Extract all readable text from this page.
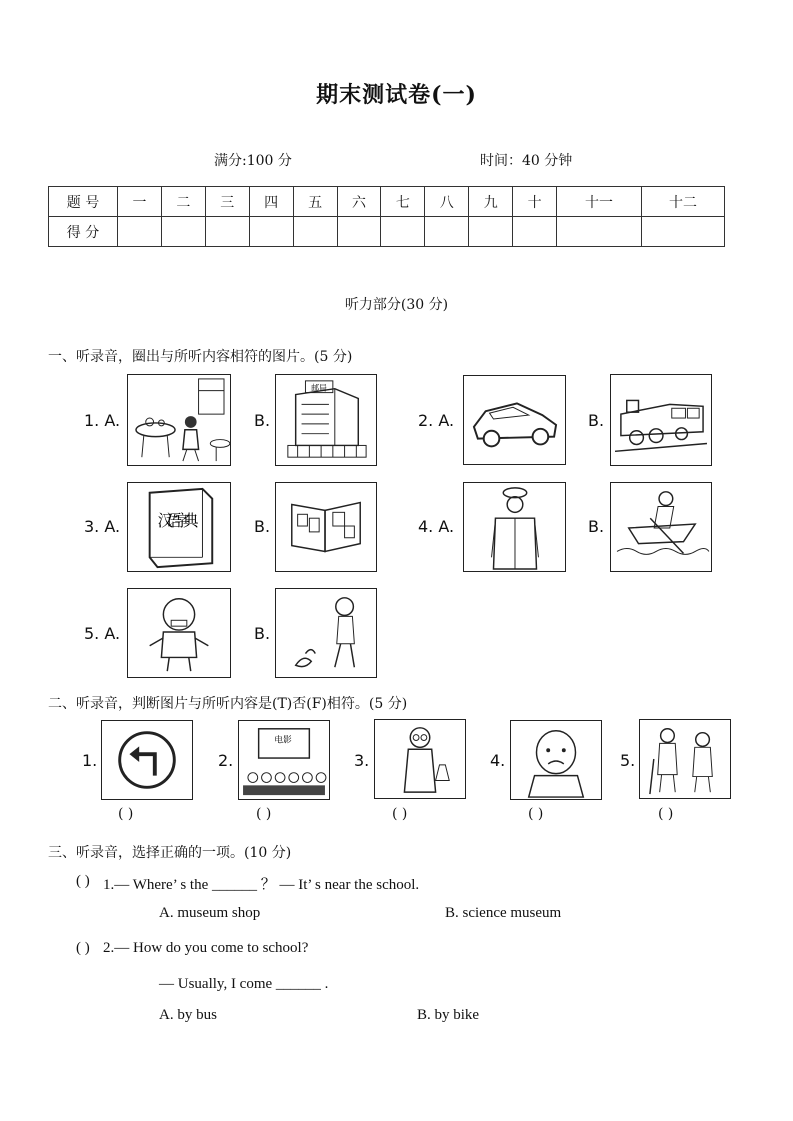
期末测试卷(一)
满分:100 分	时间：40 分钟
题 号	一	二	三	四	五	六	七	八	九	十	十一	十二
得 分												
听力部分(30 分)
一、听录音，圈出与所听内容相符的图片。(5 分)
1. A.	B.
邮局
2. A.	B.
3. A. 汉语字典	B.	4. A.	B.
5. A.	B.
二、听录音，判断图片与所听内容是(T)否(F)相符。(5 分)
1.
( )
2.
电影
( )
3.
( )
4.
( )
5.
( )
三、听录音，选择正确的一项。(10 分)
( ) 1.— Where’ s the ______ ？ — It’ s near the school.
A. museum shop	B. science museum
( ) 2.— How do you come to school?
— Usually, I come ______ .
A. by bus	B. by bike
